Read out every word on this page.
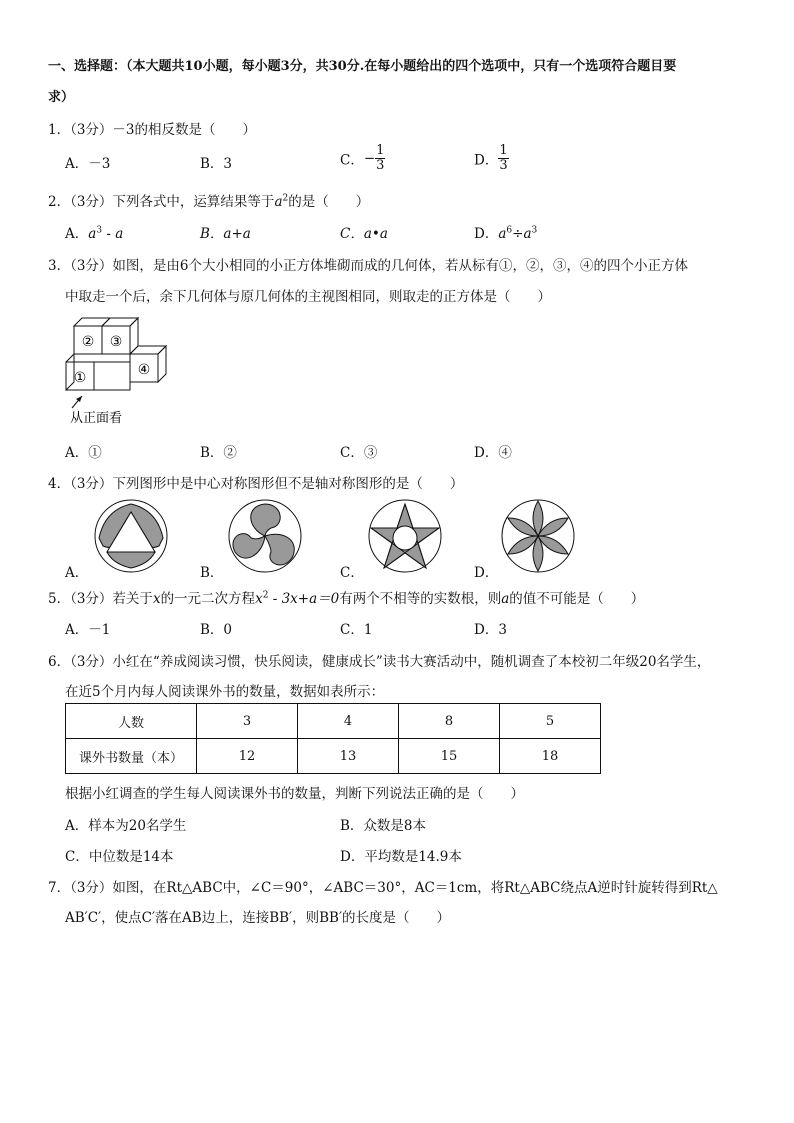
一、选择题：（本大题共10小题，每小题3分，共30分.在每小题给出的四个选项中，只有一个选项符合题目要
求）
1．（3分）－3的相反数是（　　）
A．－3	B．3	C．− $\frac{1}{3}$	D． $\frac{1}{3}$
2．（3分）下列各式中，运算结果等于$a^2$的是（　　）
A．$a^3$ - a	B．a+a	C．a•a	D．$a^6\div a^3$
3．（3分）如图，是由6个大小相同的小正方体堆砌而成的几何体，若从标有①，②，③，④的四个小正方体
中取走一个后，余下几何体与原几何体的主视图相同，则取走的正方体是（　　）
② ③
①	④
从正面看
A．①	B．②	C．③	D．④
4．（3分）下列图形中是中心对称图形但不是轴对称图形的是（　　）
A．	B．	C．	D．
5．（3分）若关于x的一元二次方程$x^2 - 3x+a=0$有两个不相等的实数根，则a的值不可能是（　　）
A．－1	B．0	C．1	D．3
6．（3分）小红在“养成阅读习惯，快乐阅读，健康成长”读书大赛活动中，随机调查了本校初二年级20名学生，
在近5个月内每人阅读课外书的数量，数据如表所示：
人数	3	4	8	5
课外书数量（本）	12	13	15	18
根据小红调查的学生每人阅读课外书的数量，判断下列说法正确的是（　　）
A．样本为20名学生	B．众数是8本
C．中位数是14本	D．平均数是14.9本
7．（3分）如图，在Rt△ABC中，∠C＝90°，∠ABC＝30°，AC＝1cm，将Rt△ABC绕点A逆时针旋转得到Rt△
AB′C′，使点C′落在AB边上，连接BB′，则BB′的长度是（　　）
